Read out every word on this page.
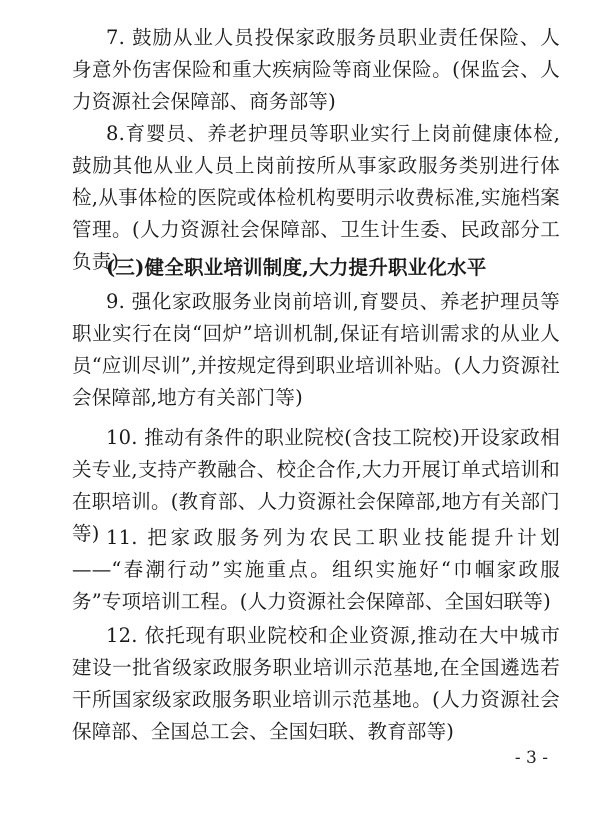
7. 鼓励从业人员投保家政服务员职业责任保险、人身意外伤害保险和重大疾病险等商业保险。(保监会、人力资源社会保障部、商务部等)

8.育婴员、养老护理员等职业实行上岗前健康体检,鼓励其他从业人员上岗前按所从事家政服务类别进行体检,从事体检的医院或体检机构要明示收费标准,实施档案管理。(人力资源社会保障部、卫生计生委、民政部分工负责)

(三)健全职业培训制度,大力提升职业化水平

9. 强化家政服务业岗前培训,育婴员、养老护理员等职业实行在岗“回炉”培训机制,保证有培训需求的从业人员“应训尽训”,并按规定得到职业培训补贴。(人力资源社会保障部,地方有关部门等)

10. 推动有条件的职业院校(含技工院校)开设家政相关专业,支持产教融合、校企合作,大力开展订单式培训和在职培训。(教育部、人力资源社会保障部,地方有关部门等) 11. 把家政服务列为农民工职业技能提升计划——“春潮行动”实施重点。组织实施好“巾帼家政服务”专项培训工程。(人力资源社会保障部、全国妇联等)

12. 依托现有职业院校和企业资源,推动在大中城市建设一批省级家政服务职业培训示范基地,在全国遴选若干所国家级家政服务职业培训示范基地。(人力资源社会保障部、全国总工会、全国妇联、教育部等)

- 3 -
